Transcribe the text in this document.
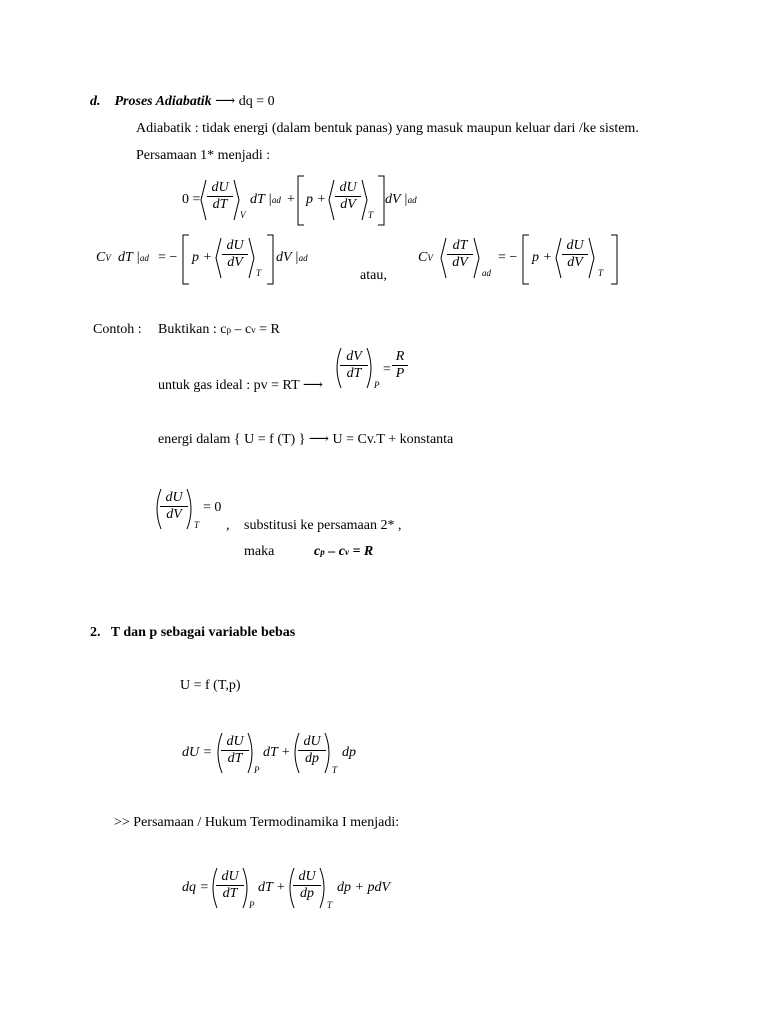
d. Proses Adiabatik ⟶ dq = 0
Adiabatik : tidak energi (dalam bentuk panas) yang masuk maupun keluar dari /ke sistem.
Persamaan 1* menjadi :
$0 = \frac{dU}{dT}$
V
dT $|ad + p + \frac{dU}{dV}$
T
dV |ad
CV dT |ad = − $p + \frac{dU}{dV}$
T
dV |ad
atau,
CV $\frac{dT}{dV}$
ad
= − $p + \frac{dU}{dV}$
T
Contoh : Buktikan : cp – cv = R
untuk gas ideal : pv = RT ⟶
$\frac{dV}{dT}$
P
= $\frac{R}{P}$
energi dalam { U = f (T) } ⟶ U = Cv.T + konstanta
$\frac{dU}{dV}$
T
= 0
, substitusi ke persamaan 2* ,
maka	cp – cv = R
2. T dan p sebagai variable bebas
U = f (T,p)
dU = $\frac{dU}{dT}$
P
dT + $\frac{dU}{dp}$
T
dp
>> Persamaan / Hukum Termodinamika I menjadi:
dq = $\frac{dU}{dT}$
P
dT + $\frac{dU}{dp}$
T
dp + pdV
